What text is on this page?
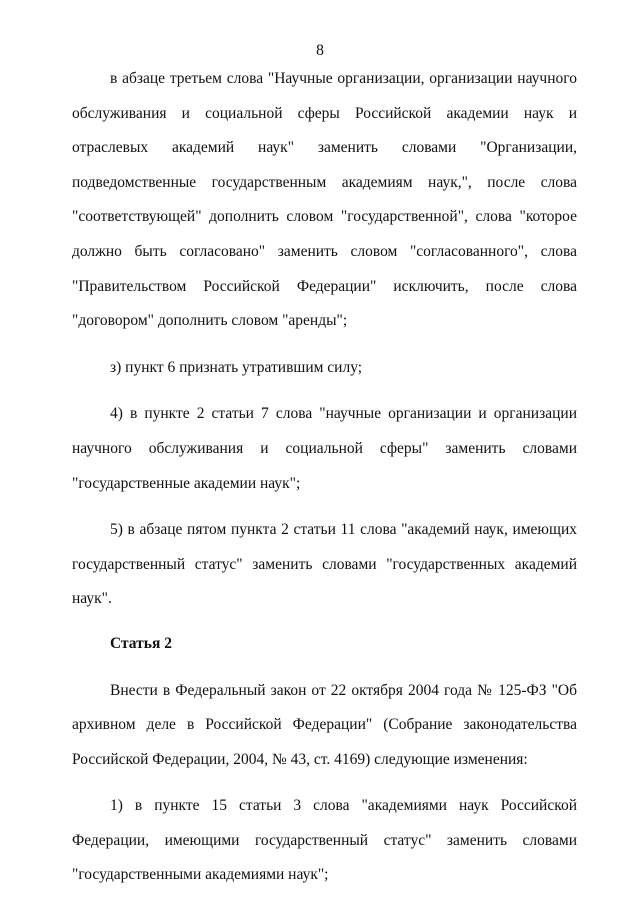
8

в абзаце третьем слова "Научные организации, организации научного обслуживания и социальной сферы Российской академии наук и отраслевых академий наук" заменить словами "Организации, подведомственные государственным академиям наук,", после слова "соответствующей" дополнить словом "государственной", слова "которое должно быть согласовано" заменить словом "согласованного", слова "Правительством Российской Федерации" исключить, после слова "договором" дополнить словом "аренды";

з) пункт 6 признать утратившим силу;

4) в пункте 2 статьи 7 слова "научные организации и организации научного обслуживания и социальной сферы" заменить словами "государственные академии наук";

5) в абзаце пятом пункта 2 статьи 11 слова "академий наук, имеющих государственный статус" заменить словами "государственных академий наук".

Статья 2

Внести в Федеральный закон от 22 октября 2004 года № 125-ФЗ "Об архивном деле в Российской Федерации" (Собрание законодательства Российской Федерации, 2004, № 43, ст. 4169) следующие изменения:

1) в пункте 15 статьи 3 слова "академиями наук Российской Федерации, имеющими государственный статус" заменить словами "государственными академиями наук";
